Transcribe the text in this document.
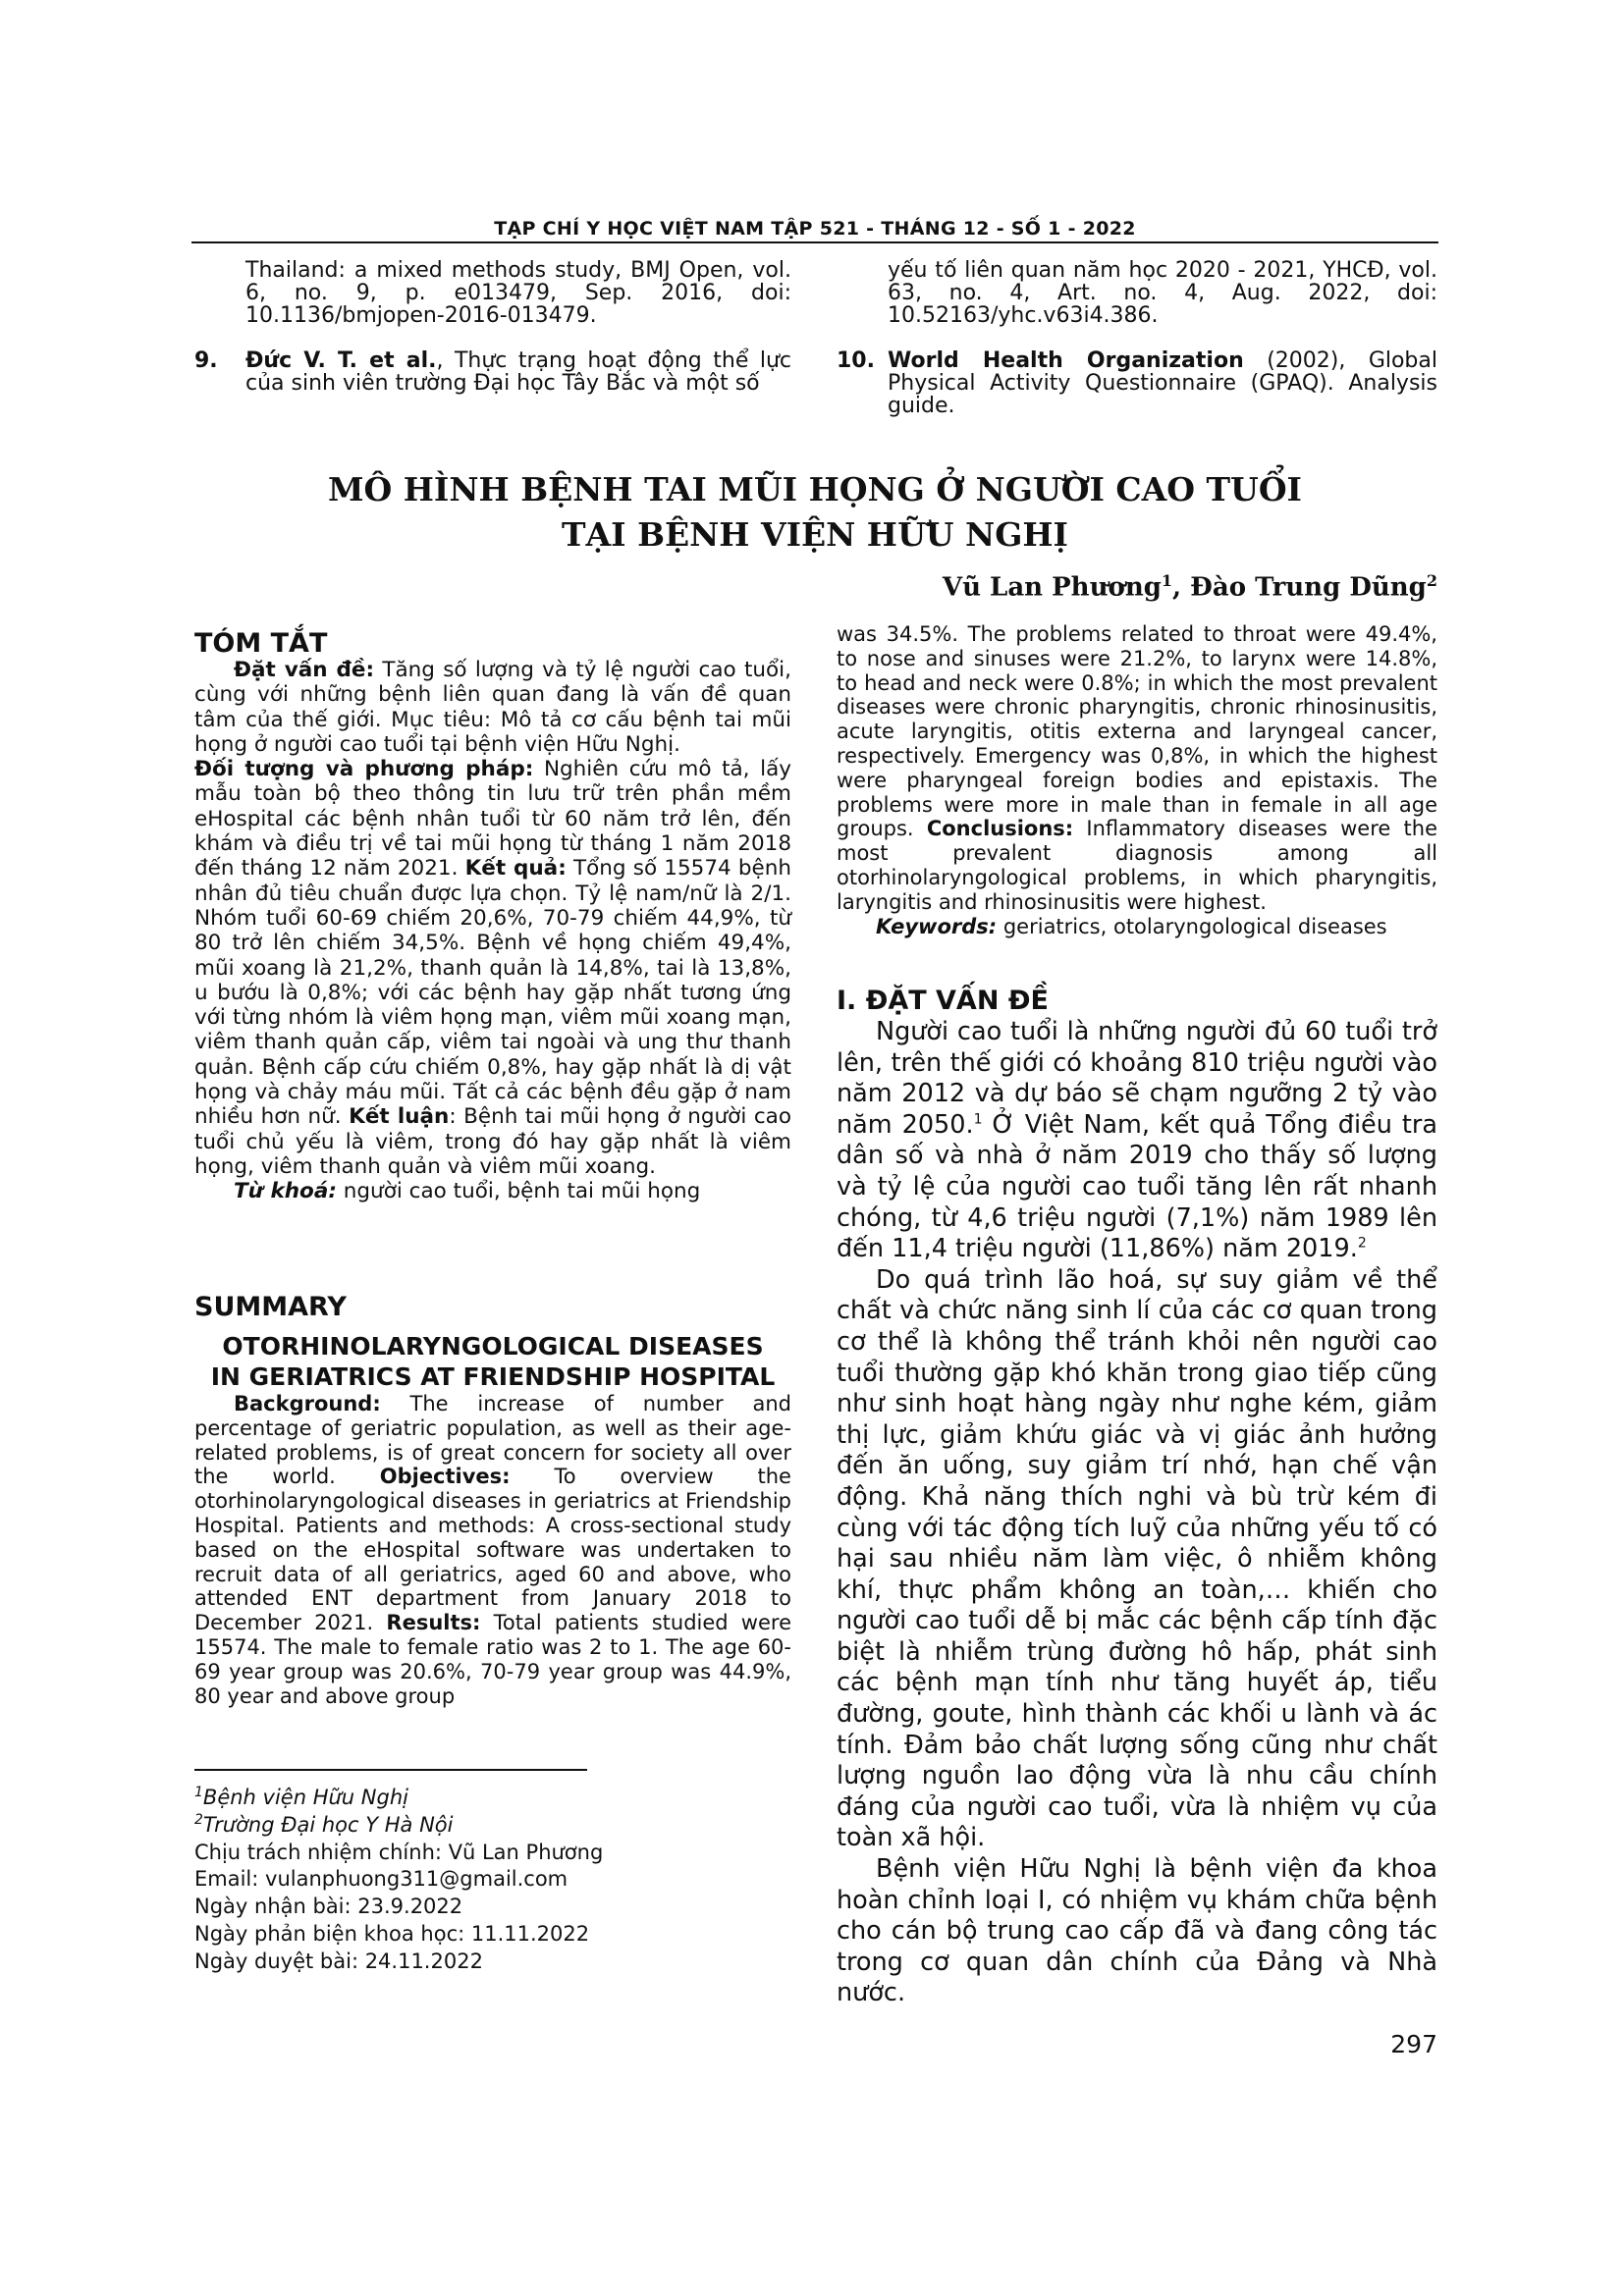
TẠP CHÍ Y HỌC VIỆT NAM TẬP 521 - THÁNG 12 - SỐ 1 - 2022
Thailand: a mixed methods study, BMJ Open, vol. 6, no. 9, p. e013479, Sep. 2016, doi: 10.1136/bmjopen-2016-013479.
9. Đức V. T. et al., Thực trạng hoạt động thể lực của sinh viên trường Đại học Tây Bắc và một số
yếu tố liên quan năm học 2020 - 2021, YHCĐ, vol. 63, no. 4, Art. no. 4, Aug. 2022, doi: 10.52163/yhc.v63i4.386.
10. World Health Organization (2002), Global Physical Activity Questionnaire (GPAQ). Analysis guide.
MÔ HÌNH BỆNH TAI MŨI HỌNG Ở NGƯỜI CAO TUỔI
TẠI BỆNH VIỆN HỮU NGHỊ
Vũ Lan Phương$^1$, Đào Trung Dũng$^2$
TÓM TẮT

Đặt vấn đề: Tăng số lượng và tỷ lệ người cao tuổi, cùng với những bệnh liên quan đang là vấn đề quan tâm của thế giới. Mục tiêu: Mô tả cơ cấu bệnh tai mũi họng ở người cao tuổi tại bệnh viện Hữu Nghị.

Đối tượng và phương pháp: Nghiên cứu mô tả, lấy mẫu toàn bộ theo thông tin lưu trữ trên phần mềm eHospital các bệnh nhân tuổi từ 60 năm trở lên, đến khám và điều trị về tai mũi họng từ tháng 1 năm 2018 đến tháng 12 năm 2021. Kết quả: Tổng số 15574 bệnh nhân đủ tiêu chuẩn được lựa chọn. Tỷ lệ nam/nữ là 2/1. Nhóm tuổi 60-69 chiếm 20,6%, 70-79 chiếm 44,9%, từ 80 trở lên chiếm 34,5%. Bệnh về họng chiếm 49,4%, mũi xoang là 21,2%, thanh quản là 14,8%, tai là 13,8%, u bướu là 0,8%; với các bệnh hay gặp nhất tương ứng với từng nhóm là viêm họng mạn, viêm mũi xoang mạn, viêm thanh quản cấp, viêm tai ngoài và ung thư thanh quản. Bệnh cấp cứu chiếm 0,8%, hay gặp nhất là dị vật họng và chảy máu mũi. Tất cả các bệnh đều gặp ở nam nhiều hơn nữ. Kết luận: Bệnh tai mũi họng ở người cao tuổi chủ yếu là viêm, trong đó hay gặp nhất là viêm họng, viêm thanh quản và viêm mũi xoang.

Từ khoá: người cao tuổi, bệnh tai mũi họng

SUMMARY
OTORHINOLARYNGOLOGICAL DISEASES
IN GERIATRICS AT FRIENDSHIP HOSPITAL

Background: The increase of number and percentage of geriatric population, as well as their age-related problems, is of great concern for society all over the world. Objectives: To overview the otorhinolaryngological diseases in geriatrics at Friendship Hospital. Patients and methods: A cross-sectional study based on the eHospital software was undertaken to recruit data of all geriatrics, aged 60 and above, who attended ENT department from January 2018 to December 2021. Results: Total patients studied were 15574. The male to female ratio was 2 to 1. The age 60-69 year group was 20.6%, 70-79 year group was 44.9%, 80 year and above group

$^1$Bệnh viện Hữu Nghị
$^2$Trường Đại học Y Hà Nội
Chịu trách nhiệm chính: Vũ Lan Phương
Email: vulanphuong311@gmail.com
Ngày nhận bài: 23.9.2022
Ngày phản biện khoa học: 11.11.2022
Ngày duyệt bài: 24.11.2022

was 34.5%. The problems related to throat were 49.4%, to nose and sinuses were 21.2%, to larynx were 14.8%, to head and neck were 0.8%; in which the most prevalent diseases were chronic pharyngitis, chronic rhinosinusitis, acute laryngitis, otitis externa and laryngeal cancer, respectively. Emergency was 0,8%, in which the highest were pharyngeal foreign bodies and epistaxis. The problems were more in male than in female in all age groups. Conclusions: Inflammatory diseases were the most prevalent diagnosis among all otorhinolaryngological problems, in which pharyngitis, laryngitis and rhinosinusitis were highest.

Keywords: geriatrics, otolaryngological diseases

I. ĐẶT VẤN ĐỀ

Người cao tuổi là những người đủ 60 tuổi trở lên, trên thế giới có khoảng 810 triệu người vào năm 2012 và dự báo sẽ chạm ngưỡng 2 tỷ vào năm 2050.$^1$ Ở Việt Nam, kết quả Tổng điều tra dân số và nhà ở năm 2019 cho thấy số lượng và tỷ lệ của người cao tuổi tăng lên rất nhanh chóng, từ 4,6 triệu người (7,1%) năm 1989 lên đến 11,4 triệu người (11,86%) năm 2019.$^2$

Do quá trình lão hoá, sự suy giảm về thể chất và chức năng sinh lí của các cơ quan trong cơ thể là không thể tránh khỏi nên người cao tuổi thường gặp khó khăn trong giao tiếp cũng như sinh hoạt hàng ngày như nghe kém, giảm thị lực, giảm khứu giác và vị giác ảnh hưởng đến ăn uống, suy giảm trí nhớ, hạn chế vận động. Khả năng thích nghi và bù trừ kém đi cùng với tác động tích luỹ của những yếu tố có hại sau nhiều năm làm việc, ô nhiễm không khí, thực phẩm không an toàn,… khiến cho người cao tuổi dễ bị mắc các bệnh cấp tính đặc biệt là nhiễm trùng đường hô hấp, phát sinh các bệnh mạn tính như tăng huyết áp, tiểu đường, goute, hình thành các khối u lành và ác tính. Đảm bảo chất lượng sống cũng như chất lượng nguồn lao động vừa là nhu cầu chính đáng của người cao tuổi, vừa là nhiệm vụ của toàn xã hội.

Bệnh viện Hữu Nghị là bệnh viện đa khoa hoàn chỉnh loại I, có nhiệm vụ khám chữa bệnh cho cán bộ trung cao cấp đã và đang công tác trong cơ quan dân chính của Đảng và Nhà nước.

297
